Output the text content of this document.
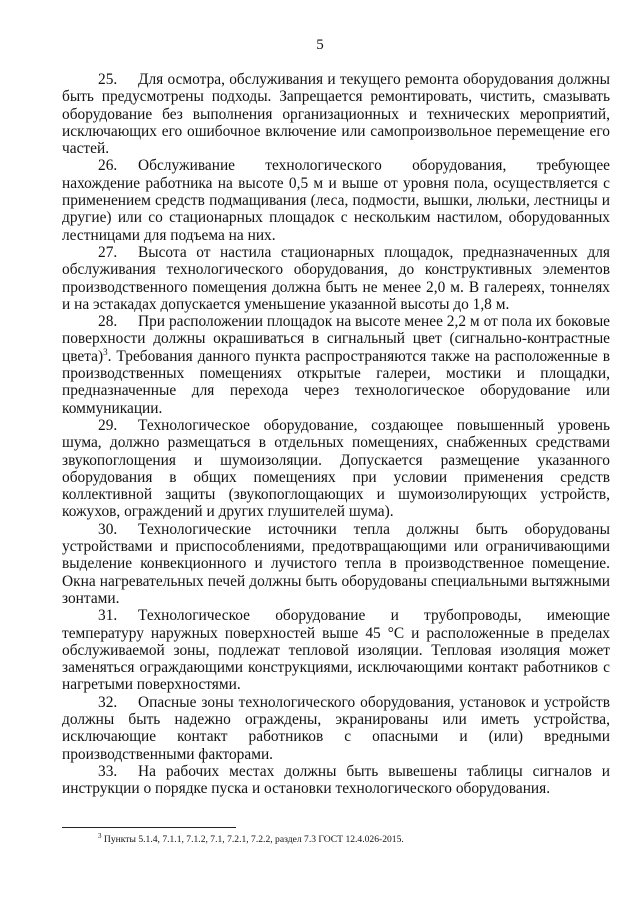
5

25. Для осмотра, обслуживания и текущего ремонта оборудования должны быть предусмотрены подходы. Запрещается ремонтировать, чистить, смазывать оборудование без выполнения организационных и технических мероприятий, исключающих его ошибочное включение или самопроизвольное перемещение его частей.

26. Обслуживание технологического оборудования, требующее нахождение работника на высоте 0,5 м и выше от уровня пола, осуществляется с применением средств подмащивания (леса, подмости, вышки, люльки, лестницы и другие) или со стационарных площадок с нескольким настилом, оборудованных лестницами для подъема на них.

27. Высота от настила стационарных площадок, предназначенных для обслуживания технологического оборудования, до конструктивных элементов производственного помещения должна быть не менее 2,0 м. В галереях, тоннелях и на эстакадах допускается уменьшение указанной высоты до 1,8 м.

28. При расположении площадок на высоте менее 2,2 м от пола их боковые поверхности должны окрашиваться в сигнальный цвет (сигнально-контрастные цвета)$^3$. Требования данного пункта распространяются также на расположенные в производственных помещениях открытые галереи, мостики и площадки, предназначенные для перехода через технологическое оборудование или коммуникации.

29. Технологическое оборудование, создающее повышенный уровень шума, должно размещаться в отдельных помещениях, снабженных средствами звукопоглощения и шумоизоляции. Допускается размещение указанного оборудования в общих помещениях при условии применения средств коллективной защиты (звукопоглощающих и шумоизолирующих устройств, кожухов, ограждений и других глушителей шума).

30. Технологические источники тепла должны быть оборудованы устройствами и приспособлениями, предотвращающими или ограничивающими выделение конвекционного и лучистого тепла в производственное помещение. Окна нагревательных печей должны быть оборудованы специальными вытяжными зонтами.

31. Технологическое оборудование и трубопроводы, имеющие температуру наружных поверхностей выше 45 °С и расположенные в пределах обслуживаемой зоны, подлежат тепловой изоляции. Тепловая изоляция может заменяться ограждающими конструкциями, исключающими контакт работников с нагретыми поверхностями.

32. Опасные зоны технологического оборудования, установок и устройств должны быть надежно ограждены, экранированы или иметь устройства, исключающие контакт работников с опасными и (или) вредными производственными факторами.

33. На рабочих местах должны быть вывешены таблицы сигналов и инструкции о порядке пуска и остановки технологического оборудования.

$^3$ Пункты 5.1.4, 7.1.1, 7.1.2, 7.1, 7.2.1, 7.2.2, раздел 7.3 ГОСТ 12.4.026-2015.
